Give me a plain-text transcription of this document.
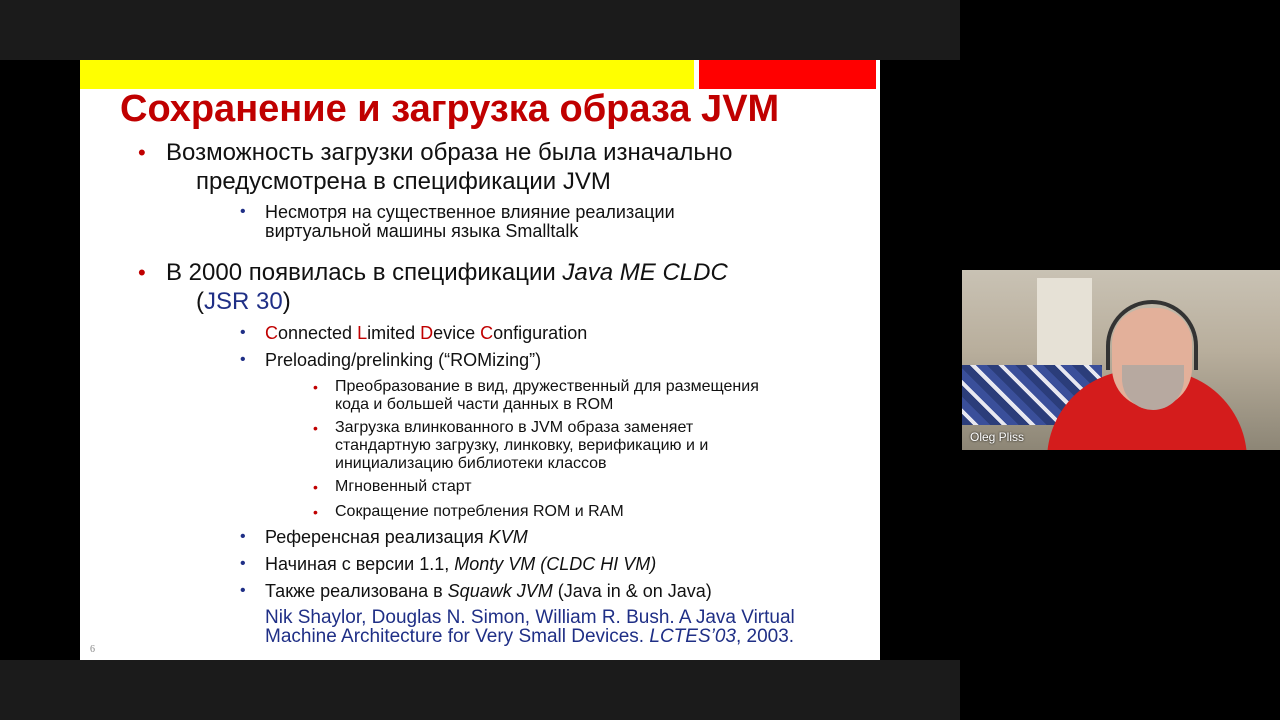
Сохранение и загрузка образа JVM
• Возможность загрузки образа не была изначально
предусмотрена в спецификации JVM
• Несмотря на существенное влияние реализации
виртуальной машины языка Smalltalk
• В 2000 появилась в спецификации Java ME CLDC
(JSR 30)
• Connected Limited Device Configuration
• Preloading/prelinking (“ROMizing”)
• Преобразование в вид, дружественный для размещения
кода и большей части данных в ROM
• Загрузка влинкованного в JVM образа заменяет
стандартную загрузку, линковку, верификацию и и
инициализацию библиотеки классов
• Мгновенный старт
• Сокращение потребления ROM и RAM
• Референсная реализация KVM
• Начиная с версии 1.1, Monty VM (CLDC HI VM)
• Также реализована в Squawk JVM (Java in & on Java)
Nik Shaylor, Douglas N. Simon, William R. Bush. A Java Virtual
Machine Architecture for Very Small Devices. LCTES’03, 2003.
6
Oleg Pliss
